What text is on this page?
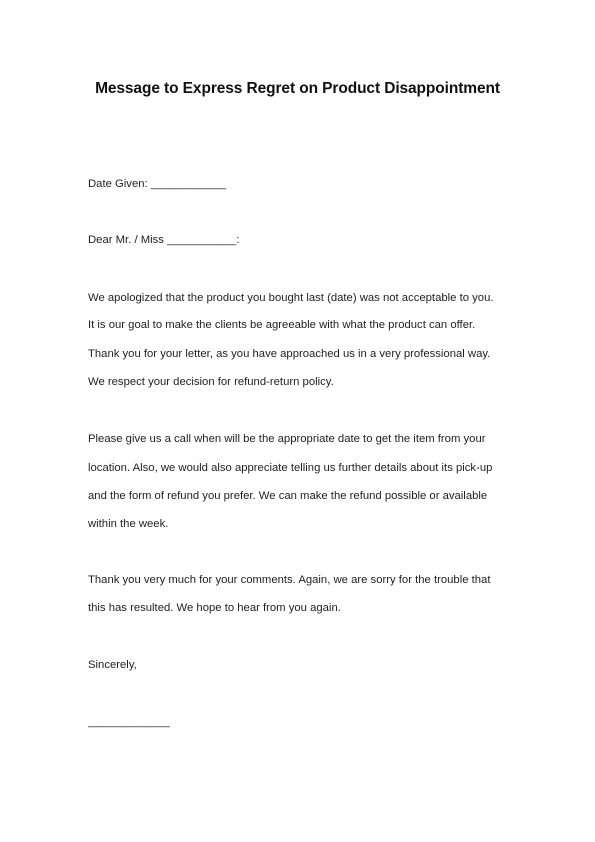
Message to Express Regret on Product Disappointment
Date Given: ____________
Dear Mr. / Miss ___________:
We apologized that the product you bought last (date) was not acceptable to you.
It is our goal to make the clients be agreeable with what the product can offer.
Thank you for your letter, as you have approached us in a very professional way.
We respect your decision for refund-return policy.
Please give us a call when will be the appropriate date to get the item from your
location. Also, we would also appreciate telling us further details about its pick-up
and the form of refund you prefer. We can make the refund possible or available
within the week.
Thank you very much for your comments. Again, we are sorry for the trouble that
this has resulted. We hope to hear from you again.
Sincerely,
_____________
